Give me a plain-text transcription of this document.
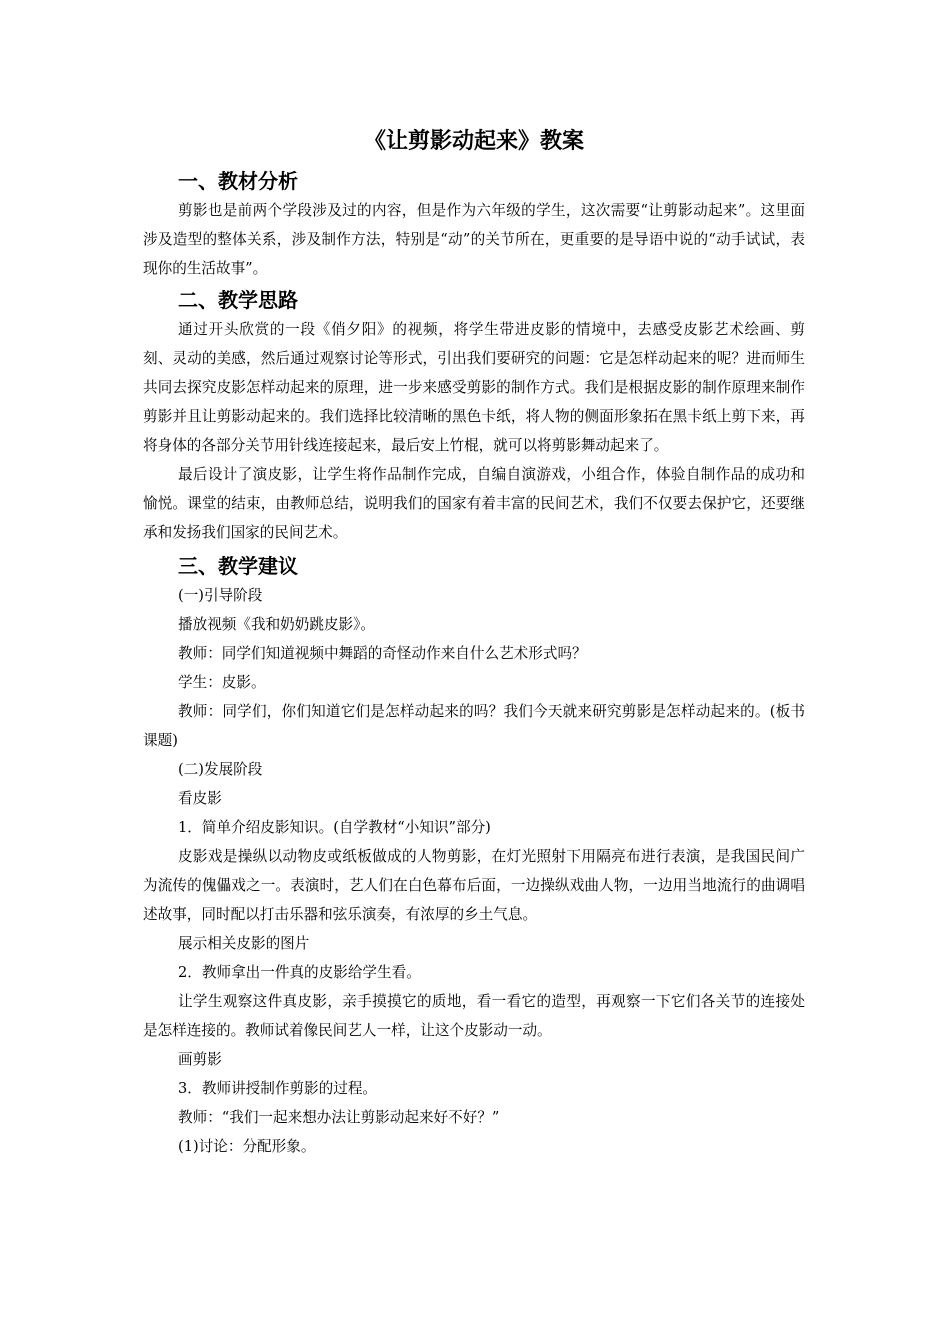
《让剪影动起来》教案
一、教材分析

剪影也是前两个学段涉及过的内容，但是作为六年级的学生，这次需要“让剪影动起来”。这里面涉及造型的整体关系，涉及制作方法，特别是“动”的关节所在，更重要的是导语中说的“动手试试，表现你的生活故事”。

二、教学思路

通过开头欣赏的一段《俏夕阳》的视频，将学生带进皮影的情境中，去感受皮影艺术绘画、剪刻、灵动的美感，然后通过观察讨论等形式，引出我们要研究的问题：它是怎样动起来的呢？进而师生共同去探究皮影怎样动起来的原理，进一步来感受剪影的制作方式。我们是根据皮影的制作原理来制作剪影并且让剪影动起来的。我们选择比较清晰的黑色卡纸，将人物的侧面形象拓在黑卡纸上剪下来，再将身体的各部分关节用针线连接起来，最后安上竹棍，就可以将剪影舞动起来了。

最后设计了演皮影，让学生将作品制作完成，自编自演游戏，小组合作，体验自制作品的成功和愉悦。课堂的结束，由教师总结，说明我们的国家有着丰富的民间艺术，我们不仅要去保护它，还要继承和发扬我们国家的民间艺术。

三、教学建议
(一)引导阶段
播放视频《我和奶奶跳皮影》。
教师：同学们知道视频中舞蹈的奇怪动作来自什么艺术形式吗？
学生：皮影。

教师：同学们，你们知道它们是怎样动起来的吗？我们今天就来研究剪影是怎样动起来的。(板书课题)

(二)发展阶段
看皮影
1．简单介绍皮影知识。(自学教材“小知识”部分)

皮影戏是操纵以动物皮或纸板做成的人物剪影，在灯光照射下用隔亮布进行表演，是我国民间广为流传的傀儡戏之一。表演时，艺人们在白色幕布后面，一边操纵戏曲人物，一边用当地流行的曲调唱述故事，同时配以打击乐器和弦乐演奏，有浓厚的乡土气息。

展示相关皮影的图片
2．教师拿出一件真的皮影给学生看。

让学生观察这件真皮影，亲手摸摸它的质地，看一看它的造型，再观察一下它们各关节的连接处是怎样连接的。教师试着像民间艺人一样，让这个皮影动一动。

画剪影
3．教师讲授制作剪影的过程。
教师：“我们一起来想办法让剪影动起来好不好？”
(1)讨论：分配形象。
